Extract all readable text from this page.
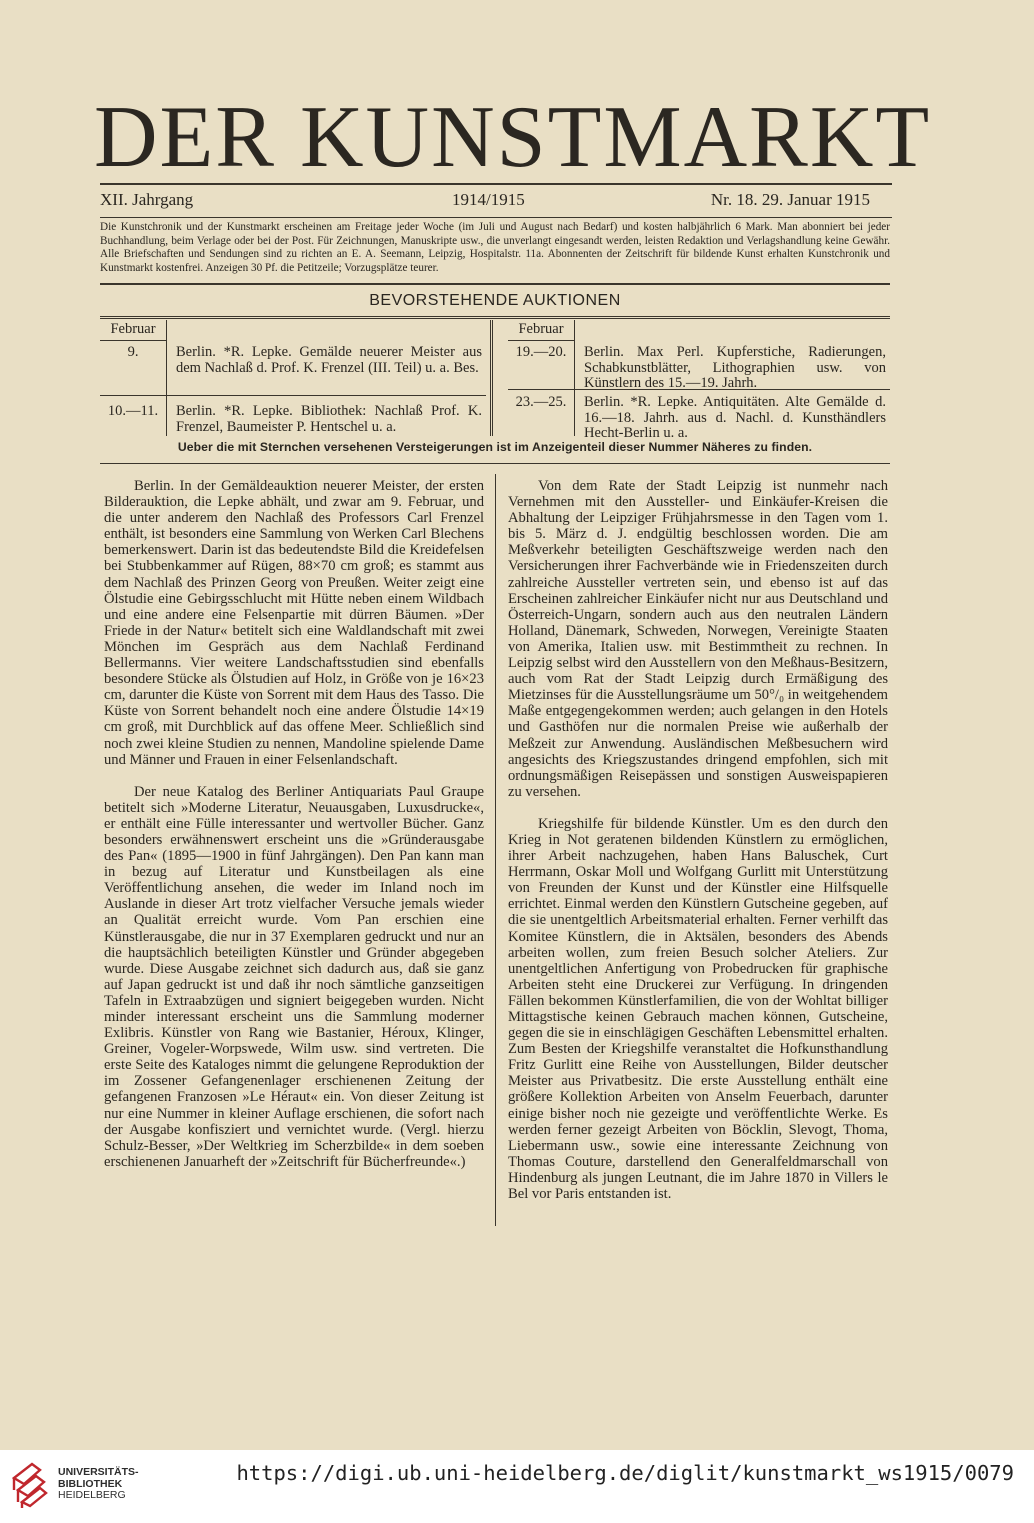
DER KUNSTMARKT
XII. Jahrgang	1914/1915	Nr. 18. 29. Januar 1915
Die Kunstchronik und der Kunstmarkt erscheinen am Freitage jeder Woche (im Juli und August nach Bedarf) und kosten halbjährlich 6 Mark. Man abonniert bei jeder Buchhandlung, beim Verlage oder bei der Post. Für Zeichnungen, Manuskripte usw., die unverlangt eingesandt werden, leisten Redaktion und Verlagshandlung keine Gewähr. Alle Briefschaften und Sendungen sind zu richten an E. A. Seemann, Leipzig, Hospitalstr. 11a. Abonnenten der Zeitschrift für bildende Kunst erhalten Kunstchronik und Kunstmarkt kostenfrei. Anzeigen 30 Pf. die Petitzeile; Vorzugsplätze teurer.
BEVORSTEHENDE AUKTIONEN
Februar
9.	Berlin. *R. Lepke. Gemälde neuerer Meister aus dem Nachlaß d. Prof. K. Frenzel (III. Teil) u. a. Bes.
10.—11.	Berlin. *R. Lepke. Bibliothek: Nachlaß Prof. K. Frenzel, Baumeister P. Hentschel u. a.
Februar
19.—20.	Berlin. Max Perl. Kupferstiche, Radierungen, Schabkunstblätter, Lithographien usw. von Künstlern des 15.—19. Jahrh.
23.—25.	Berlin. *R. Lepke. Antiquitäten. Alte Gemälde d. 16.—18. Jahrh. aus d. Nachl. d. Kunsthändlers Hecht-Berlin u. a.
Ueber die mit Sternchen versehenen Versteigerungen ist im Anzeigenteil dieser Nummer Näheres zu finden.

Berlin. In der Gemäldeauktion neuerer Meister, der ersten Bilderauktion, die Lepke abhält, und zwar am 9. Februar, und die unter anderem den Nachlaß des Professors Carl Frenzel enthält, ist besonders eine Sammlung von Werken Carl Blechens bemerkenswert. Darin ist das bedeutendste Bild die Kreidefelsen bei Stubbenkammer auf Rügen, 88×70 cm groß; es stammt aus dem Nachlaß des Prinzen Georg von Preußen. Weiter zeigt eine Ölstudie eine Gebirgsschlucht mit Hütte neben einem Wildbach und eine andere eine Felsenpartie mit dürren Bäumen. »Der Friede in der Natur« betitelt sich eine Waldlandschaft mit zwei Mönchen im Gespräch aus dem Nachlaß Ferdinand Bellermanns. Vier weitere Landschaftsstudien sind ebenfalls besondere Stücke als Ölstudien auf Holz, in Größe von je 16×23 cm, darunter die Küste von Sorrent mit dem Haus des Tasso. Die Küste von Sorrent behandelt noch eine andere Ölstudie 14×19 cm groß, mit Durchblick auf das offene Meer. Schließlich sind noch zwei kleine Studien zu nennen, Mandoline spielende Dame und Männer und Frauen in einer Felsenlandschaft.

Der neue Katalog des Berliner Antiquariats Paul Graupe betitelt sich »Moderne Literatur, Neuausgaben, Luxusdrucke«, er enthält eine Fülle interessanter und wertvoller Bücher. Ganz besonders erwähnenswert erscheint uns die »Gründerausgabe des Pan« (1895—1900 in fünf Jahrgängen). Den Pan kann man in bezug auf Literatur und Kunstbeilagen als eine Veröffentlichung ansehen, die weder im Inland noch im Auslande in dieser Art trotz vielfacher Versuche jemals wieder an Qualität erreicht wurde. Vom Pan erschien eine Künstlerausgabe, die nur in 37 Exemplaren gedruckt und nur an die hauptsächlich beteiligten Künstler und Gründer abgegeben wurde. Diese Ausgabe zeichnet sich dadurch aus, daß sie ganz auf Japan gedruckt ist und daß ihr noch sämtliche ganzseitigen Tafeln in Extraabzügen und signiert beigegeben wurden. Nicht minder interessant erscheint uns die Sammlung moderner Exlibris. Künstler von Rang wie Bastanier, Héroux, Klinger, Greiner, Vogeler-Worpswede, Wilm usw. sind vertreten. Die erste Seite des Kataloges nimmt die gelungene Reproduktion der im Zossener Gefangenenlager erschienenen Zeitung der gefangenen Franzosen »Le Héraut« ein. Von dieser Zeitung ist nur eine Nummer in kleiner Auflage erschienen, die sofort nach der Ausgabe konfisziert und vernichtet wurde. (Vergl. hierzu Schulz-Besser, »Der Weltkrieg im Scherzbilde« in dem soeben erschienenen Januarheft der »Zeitschrift für Bücherfreunde«.)

Von dem Rate der Stadt Leipzig ist nunmehr nach Vernehmen mit den Aussteller- und Einkäufer-Kreisen die Abhaltung der Leipziger Frühjahrsmesse in den Tagen vom 1. bis 5. März d. J. endgültig beschlossen worden. Die am Meßverkehr beteiligten Geschäftszweige werden nach den Versicherungen ihrer Fachverbände wie in Friedenszeiten durch zahlreiche Aussteller vertreten sein, und ebenso ist auf das Erscheinen zahlreicher Einkäufer nicht nur aus Deutschland und Österreich-Ungarn, sondern auch aus den neutralen Ländern Holland, Dänemark, Schweden, Norwegen, Vereinigte Staaten von Amerika, Italien usw. mit Bestimmtheit zu rechnen. In Leipzig selbst wird den Ausstellern von den Meßhaus-Besitzern, auch vom Rat der Stadt Leipzig durch Ermäßigung des Mietzinses für die Ausstellungsräume um 50°/₀ in weitgehendem Maße entgegengekommen werden; auch gelangen in den Hotels und Gasthöfen nur die normalen Preise wie außerhalb der Meßzeit zur Anwendung. Ausländischen Meßbesuchern wird angesichts des Kriegszustandes dringend empfohlen, sich mit ordnungsmäßigen Reisepässen und sonstigen Ausweispapieren zu versehen.

Kriegshilfe für bildende Künstler. Um es den durch den Krieg in Not geratenen bildenden Künstlern zu ermöglichen, ihrer Arbeit nachzugehen, haben Hans Baluschek, Curt Herrmann, Oskar Moll und Wolfgang Gurlitt mit Unterstützung von Freunden der Kunst und der Künstler eine Hilfsquelle errichtet. Einmal werden den Künstlern Gutscheine gegeben, auf die sie unentgeltlich Arbeitsmaterial erhalten. Ferner verhilft das Komitee Künstlern, die in Aktsälen, besonders des Abends arbeiten wollen, zum freien Besuch solcher Ateliers. Zur unentgeltlichen Anfertigung von Probedrucken für graphische Arbeiten steht eine Druckerei zur Verfügung. In dringenden Fällen bekommen Künstlerfamilien, die von der Wohltat billiger Mittagstische keinen Gebrauch machen können, Gutscheine, gegen die sie in einschlägigen Geschäften Lebensmittel erhalten. Zum Besten der Kriegshilfe veranstaltet die Hofkunsthandlung Fritz Gurlitt eine Reihe von Ausstellungen, Bilder deutscher Meister aus Privatbesitz. Die erste Ausstellung enthält eine größere Kollektion Arbeiten von Anselm Feuerbach, darunter einige bisher noch nie gezeigte und veröffentlichte Werke. Es werden ferner gezeigt Arbeiten von Böcklin, Slevogt, Thoma, Liebermann usw., sowie eine interessante Zeichnung von Thomas Couture, darstellend den Generalfeldmarschall von Hindenburg als jungen Leutnant, die im Jahre 1870 in Villers le Bel vor Paris entstanden ist.

UNIVERSITÄTS-
BIBLIOTHEK
HEIDELBERG
https://digi.ub.uni-heidelberg.de/diglit/kunstmarkt_ws1915/0079
